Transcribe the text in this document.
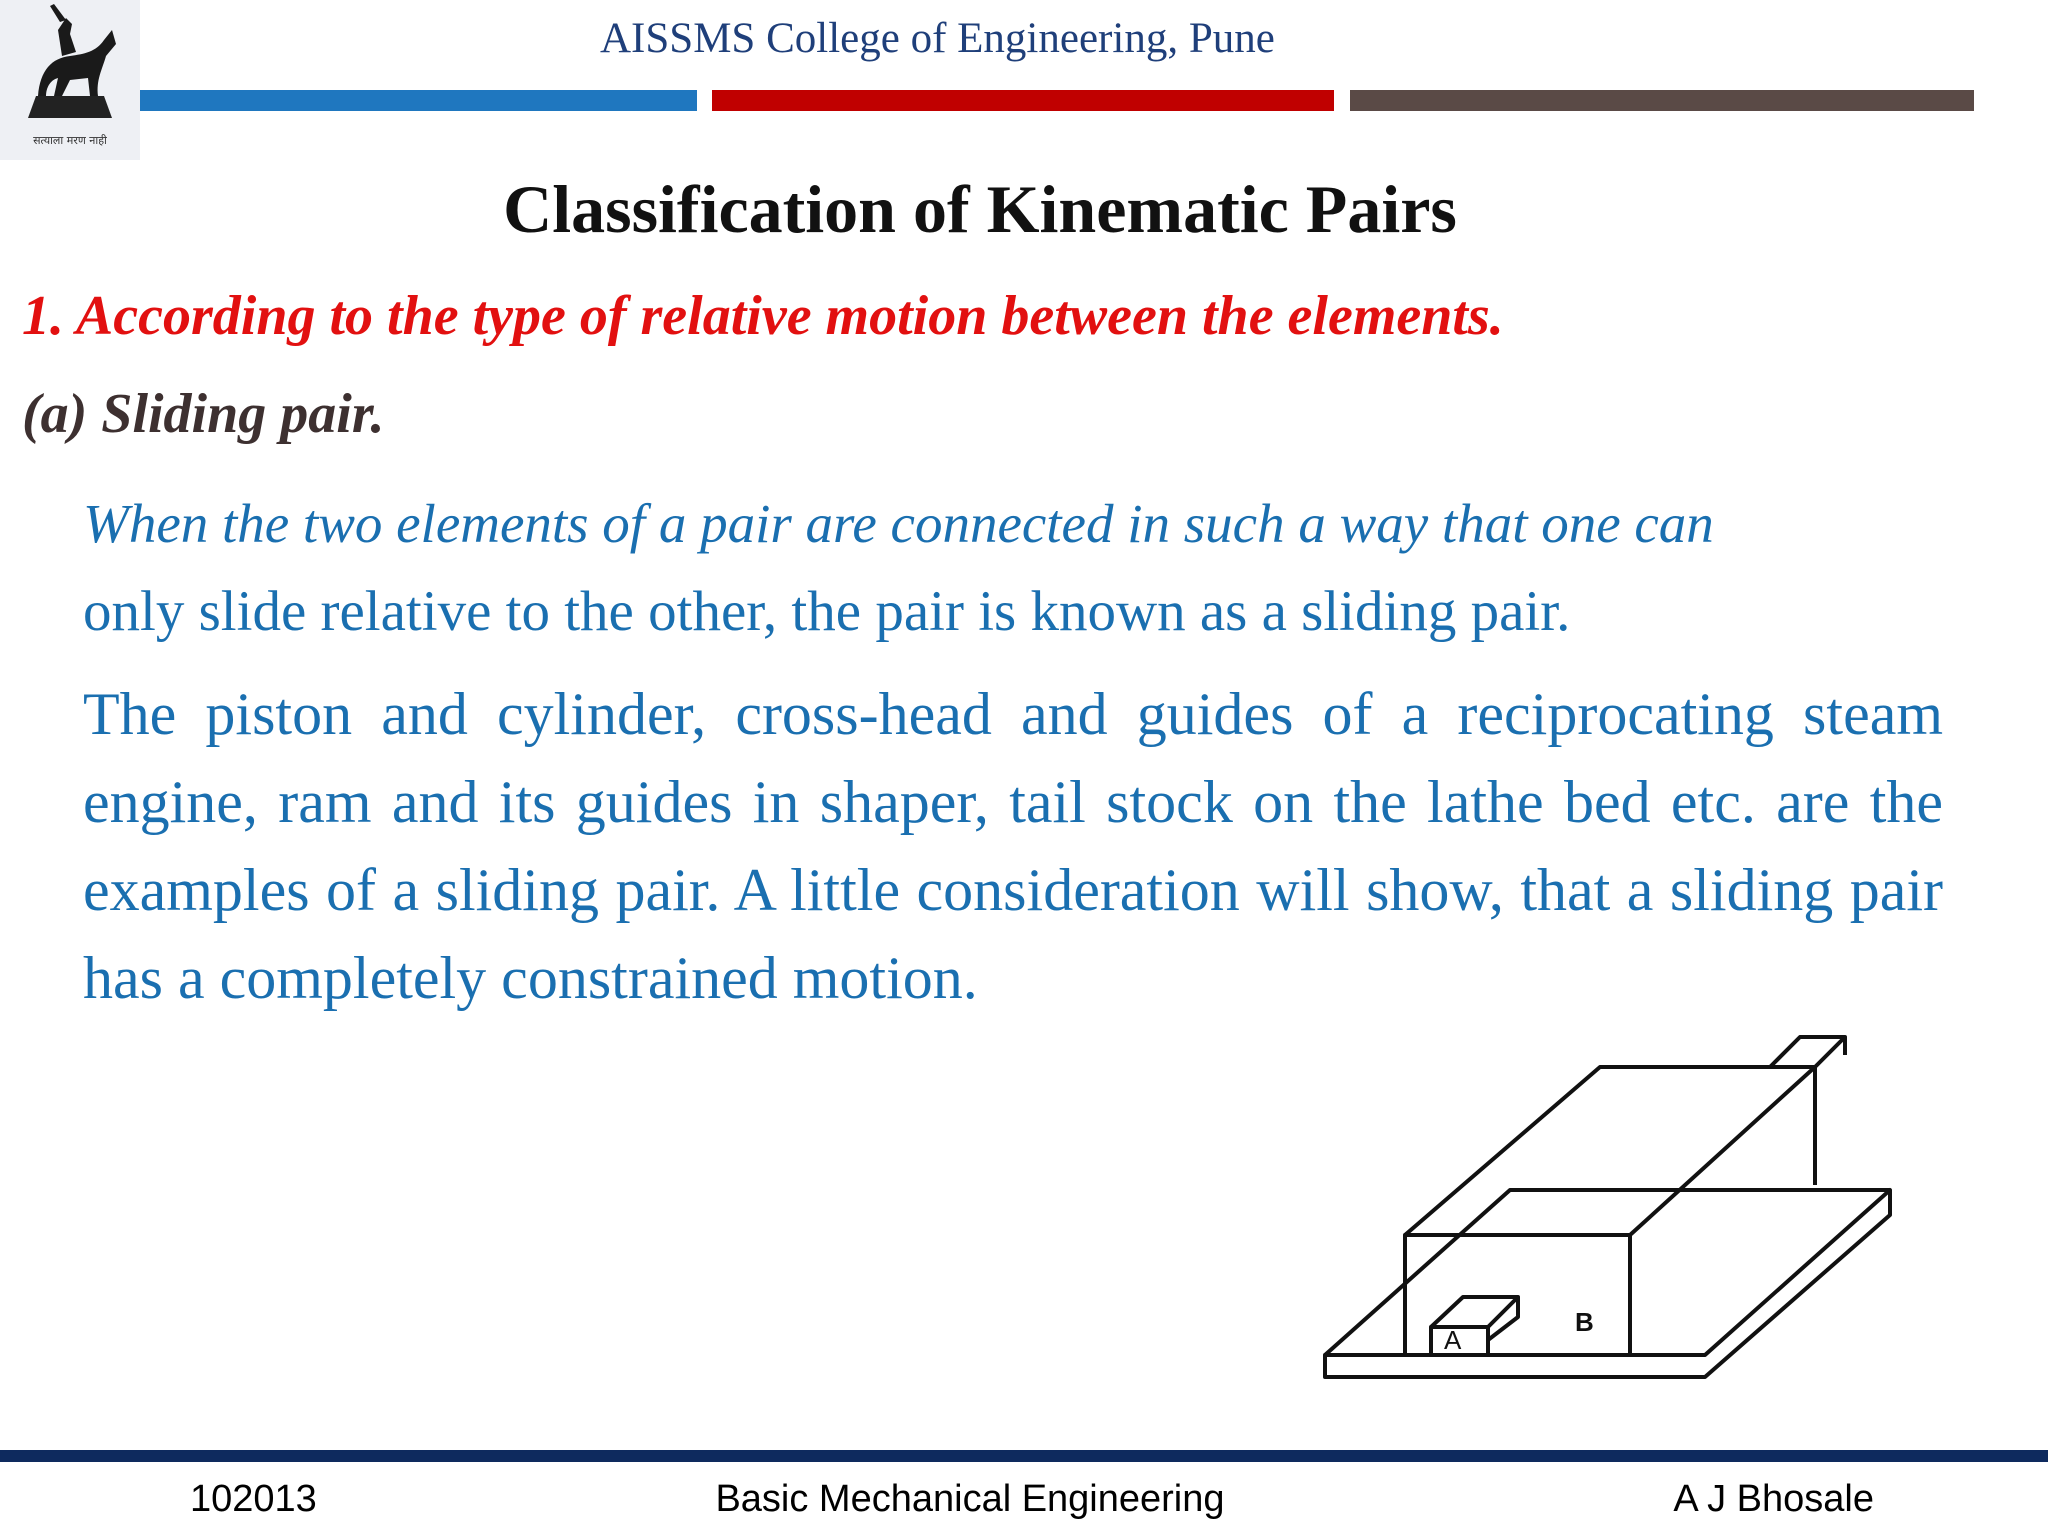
सत्याला मरण नाही
AISSMS College of Engineering, Pune
Classification of Kinematic Pairs
1. According to the type of relative motion between the elements.
(a) Sliding pair.
When the two elements of a pair are connected in such a way that one can
only slide relative to the other, the pair is known as a sliding pair.
The piston and cylinder, cross-head and guides of a reciprocating steam engine, ram and its guides in shaper, tail stock on the lathe bed etc. are the examples of a sliding pair. A little consideration will show, that a sliding pair has a completely constrained motion.
A
B
102013	Basic Mechanical Engineering	A J Bhosale
